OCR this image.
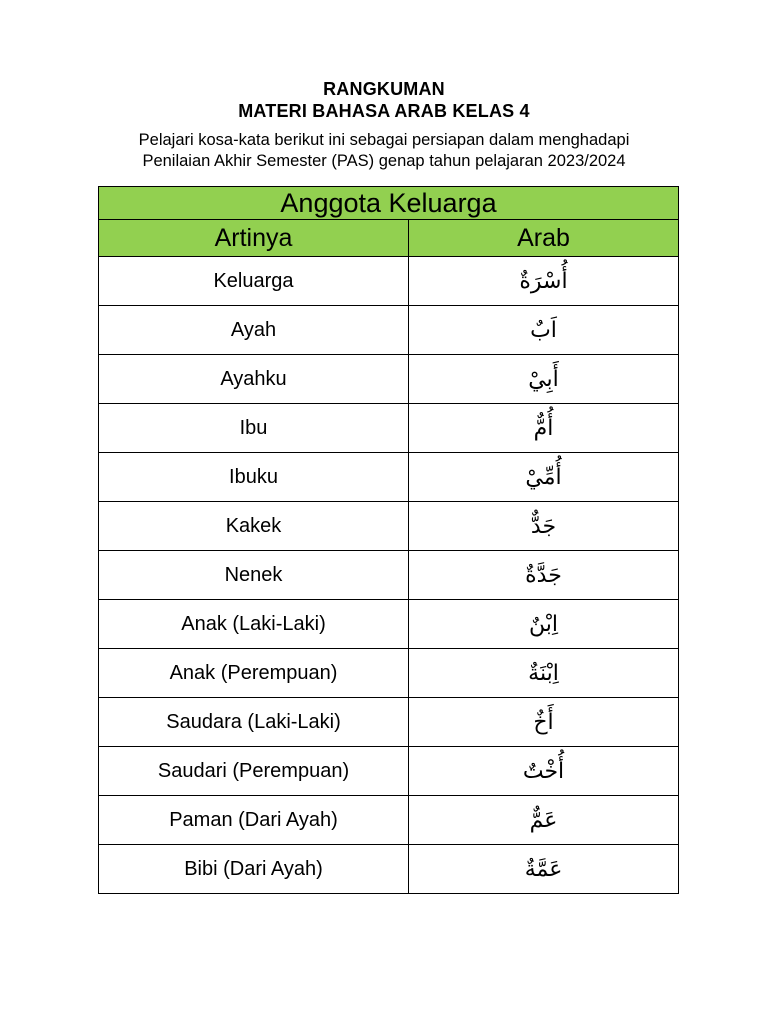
RANGKUMAN
MATERI BAHASA ARAB KELAS 4
Pelajari kosa-kata berikut ini sebagai persiapan dalam menghadapi
Penilaian Akhir Semester (PAS) genap tahun pelajaran 2023/2024
Anggota Keluarga	
Artinya	Arab
Keluarga	أُسْرَةٌ
Ayah	اَبٌ
Ayahku	أَبِيْ
Ibu	أُمٌّ
Ibuku	أُمِّيْ
Kakek	جَدٌّ
Nenek	جَدَّةٌ
Anak (Laki-Laki)	اِبْنٌ
Anak (Perempuan)	اِبْنَةٌ
Saudara (Laki-Laki)	أَخٌ
Saudari (Perempuan)	أُخْتٌ
Paman (Dari Ayah)	عَمٌّ
Bibi (Dari Ayah)	عَمَّةٌ
